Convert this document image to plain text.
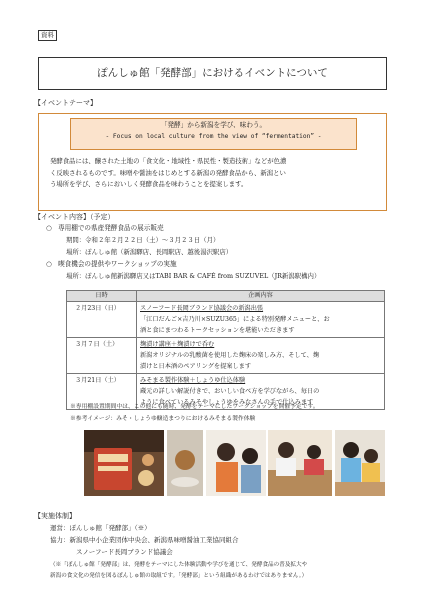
資料
ぽんしゅ館「発酵部」におけるイベントについて
【イベントテーマ】
「発酵」から新潟を学び、味わう。
- Focus on local culture from the view of “fermentation” -
発酵食品には、醸された土地の「食文化・地域性・県民性・製造技術」などが色濃
く反映されるものです。味噌や醤油をはじめとする新潟の発酵食品から、新潟とい
う場所を学び、さらにおいしく発酵食品を味わうことを提案します。
【イベント内容】（予定）
○ 専用棚での県産発酵食品の展示販売
期間：令和２年２月２２日（土）～３月２３日（月）
場所：ぽんしゅ館（新潟驛店、長岡駅店、越後湯沢駅店）
○ 喫食機会の提供やワークショップの実施
場所：ぽんしゅ館新潟驛店又はTABI BAR & CAFÉ from SUZUVEL（JR新潟駅構内）
日時	企画内容
２月23日（日）	スノーフード長岡ブランド協議会の新潟出張
「江口だんご×吉乃川×SUZU365」による特別発酵メニューと、お
酒と食にまつわるトークセッションを堪能いただきます

３月７日（土）	麹漬け講座＋麹漬けで呑む
新潟オリジナルの乳酸菌を使用した麹床の楽しみ方、そして、麹
漬けと日本酒のペアリングを提案します

３月21日（土）	みそまる製作体験＋しょうゆ仕込体験
蔵元の詳しい解説付きで、おいしい食べ方を学びながら、毎日の
ように食べているみそやしょうゆをみなさんの手で仕込みます
※専用棚設置期間中は、この他にも随時、発酵をテーマにしたワークショップを開催予定です。
※参考イメージ：みそ・しょうゆ醸造まつりにおけるみそまる製作体験
【実施体制】
運営：ぽんしゅ館「発酵部」（※）
協力：新潟県中小企業団体中央会、新潟県味噌醤油工業協同組合
スノーフード長岡ブランド協議会
（※「ぽんしゅ館「発酵部」は、発酵をテーマにした体験活動や学びを通じて、発酵食品の普及拡大や
新潟の食文化の発信を図るぽんしゅ館の取組です。「発酵部」という組織があるわけではありません。）
